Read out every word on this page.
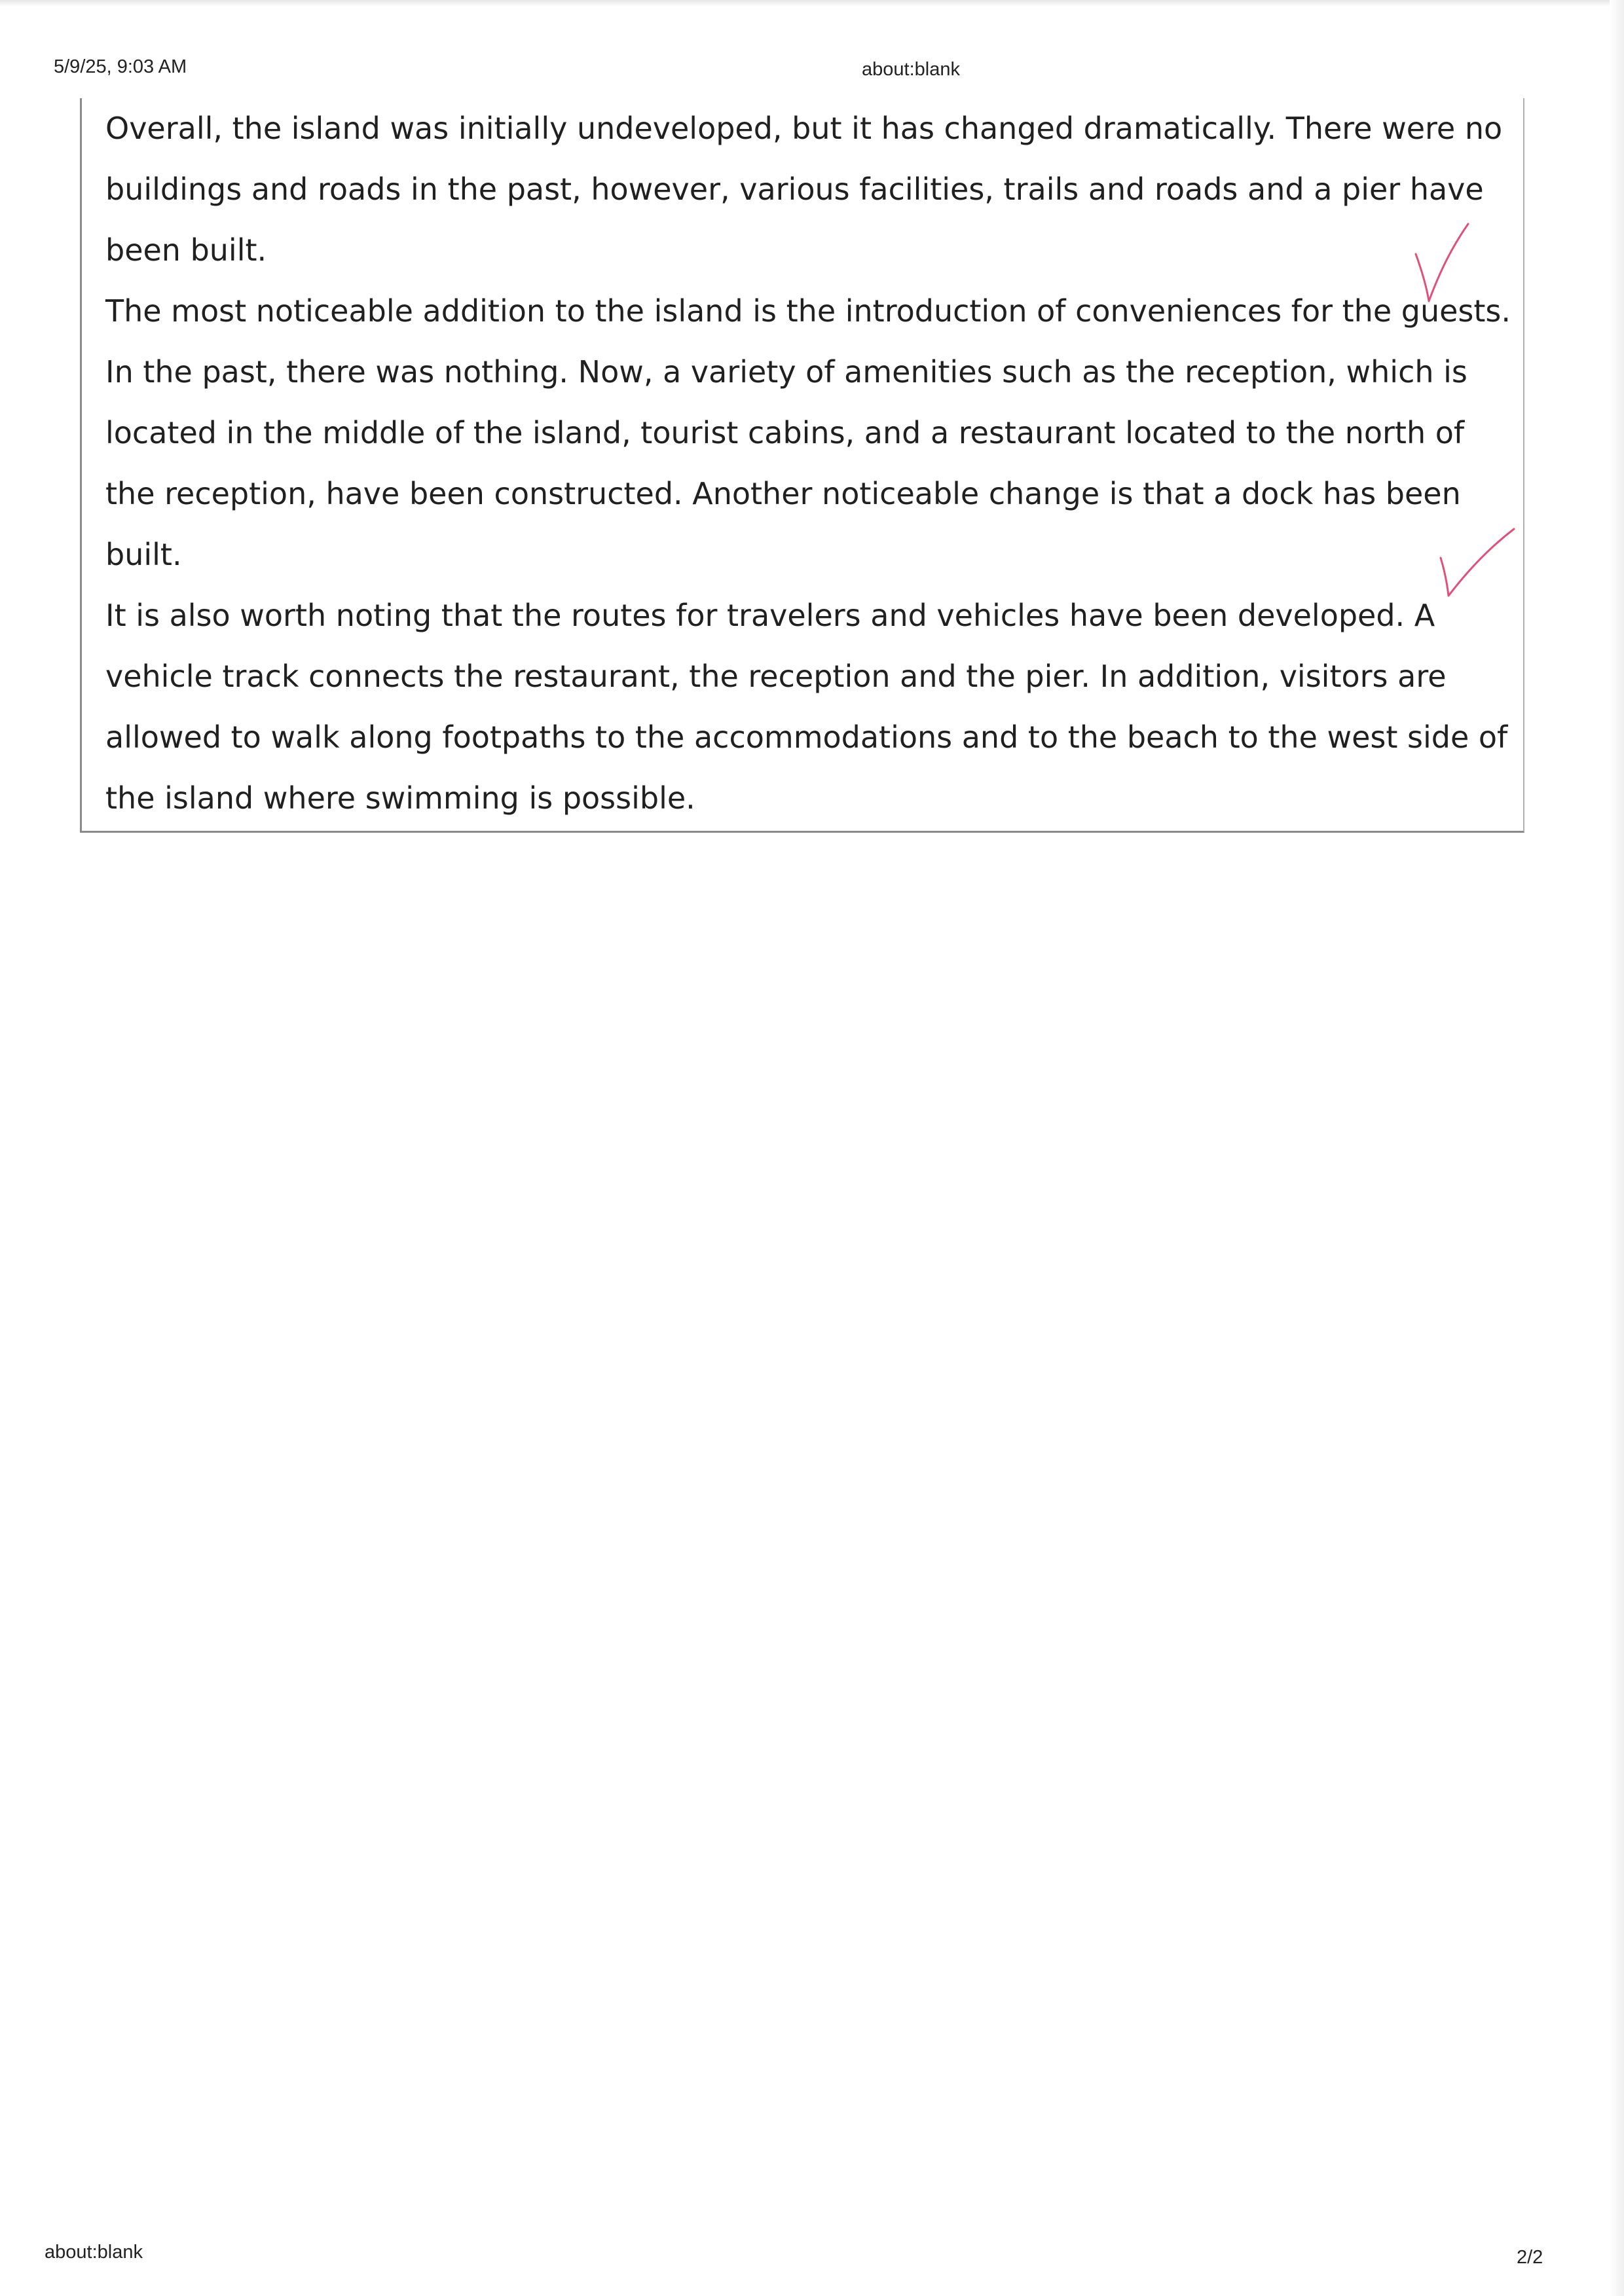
5/9/25, 9:03 AM	about:blank

Overall, the island was initially undeveloped, but it has changed dramatically. There were no buildings and roads in the past, however, various facilities, trails and roads and a pier have been built.

The most noticeable addition to the island is the introduction of conveniences for the guests. In the past, there was nothing. Now, a variety of amenities such as the reception, which is located in the middle of the island, tourist cabins, and a restaurant located to the north of the reception, have been constructed. Another noticeable change is that a dock has been built.

It is also worth noting that the routes for travelers and vehicles have been developed. A vehicle track connects the restaurant, the reception and the pier. In addition, visitors are allowed to walk along footpaths to the accommodations and to the beach to the west side of the island where swimming is possible.

about:blank	2/2
